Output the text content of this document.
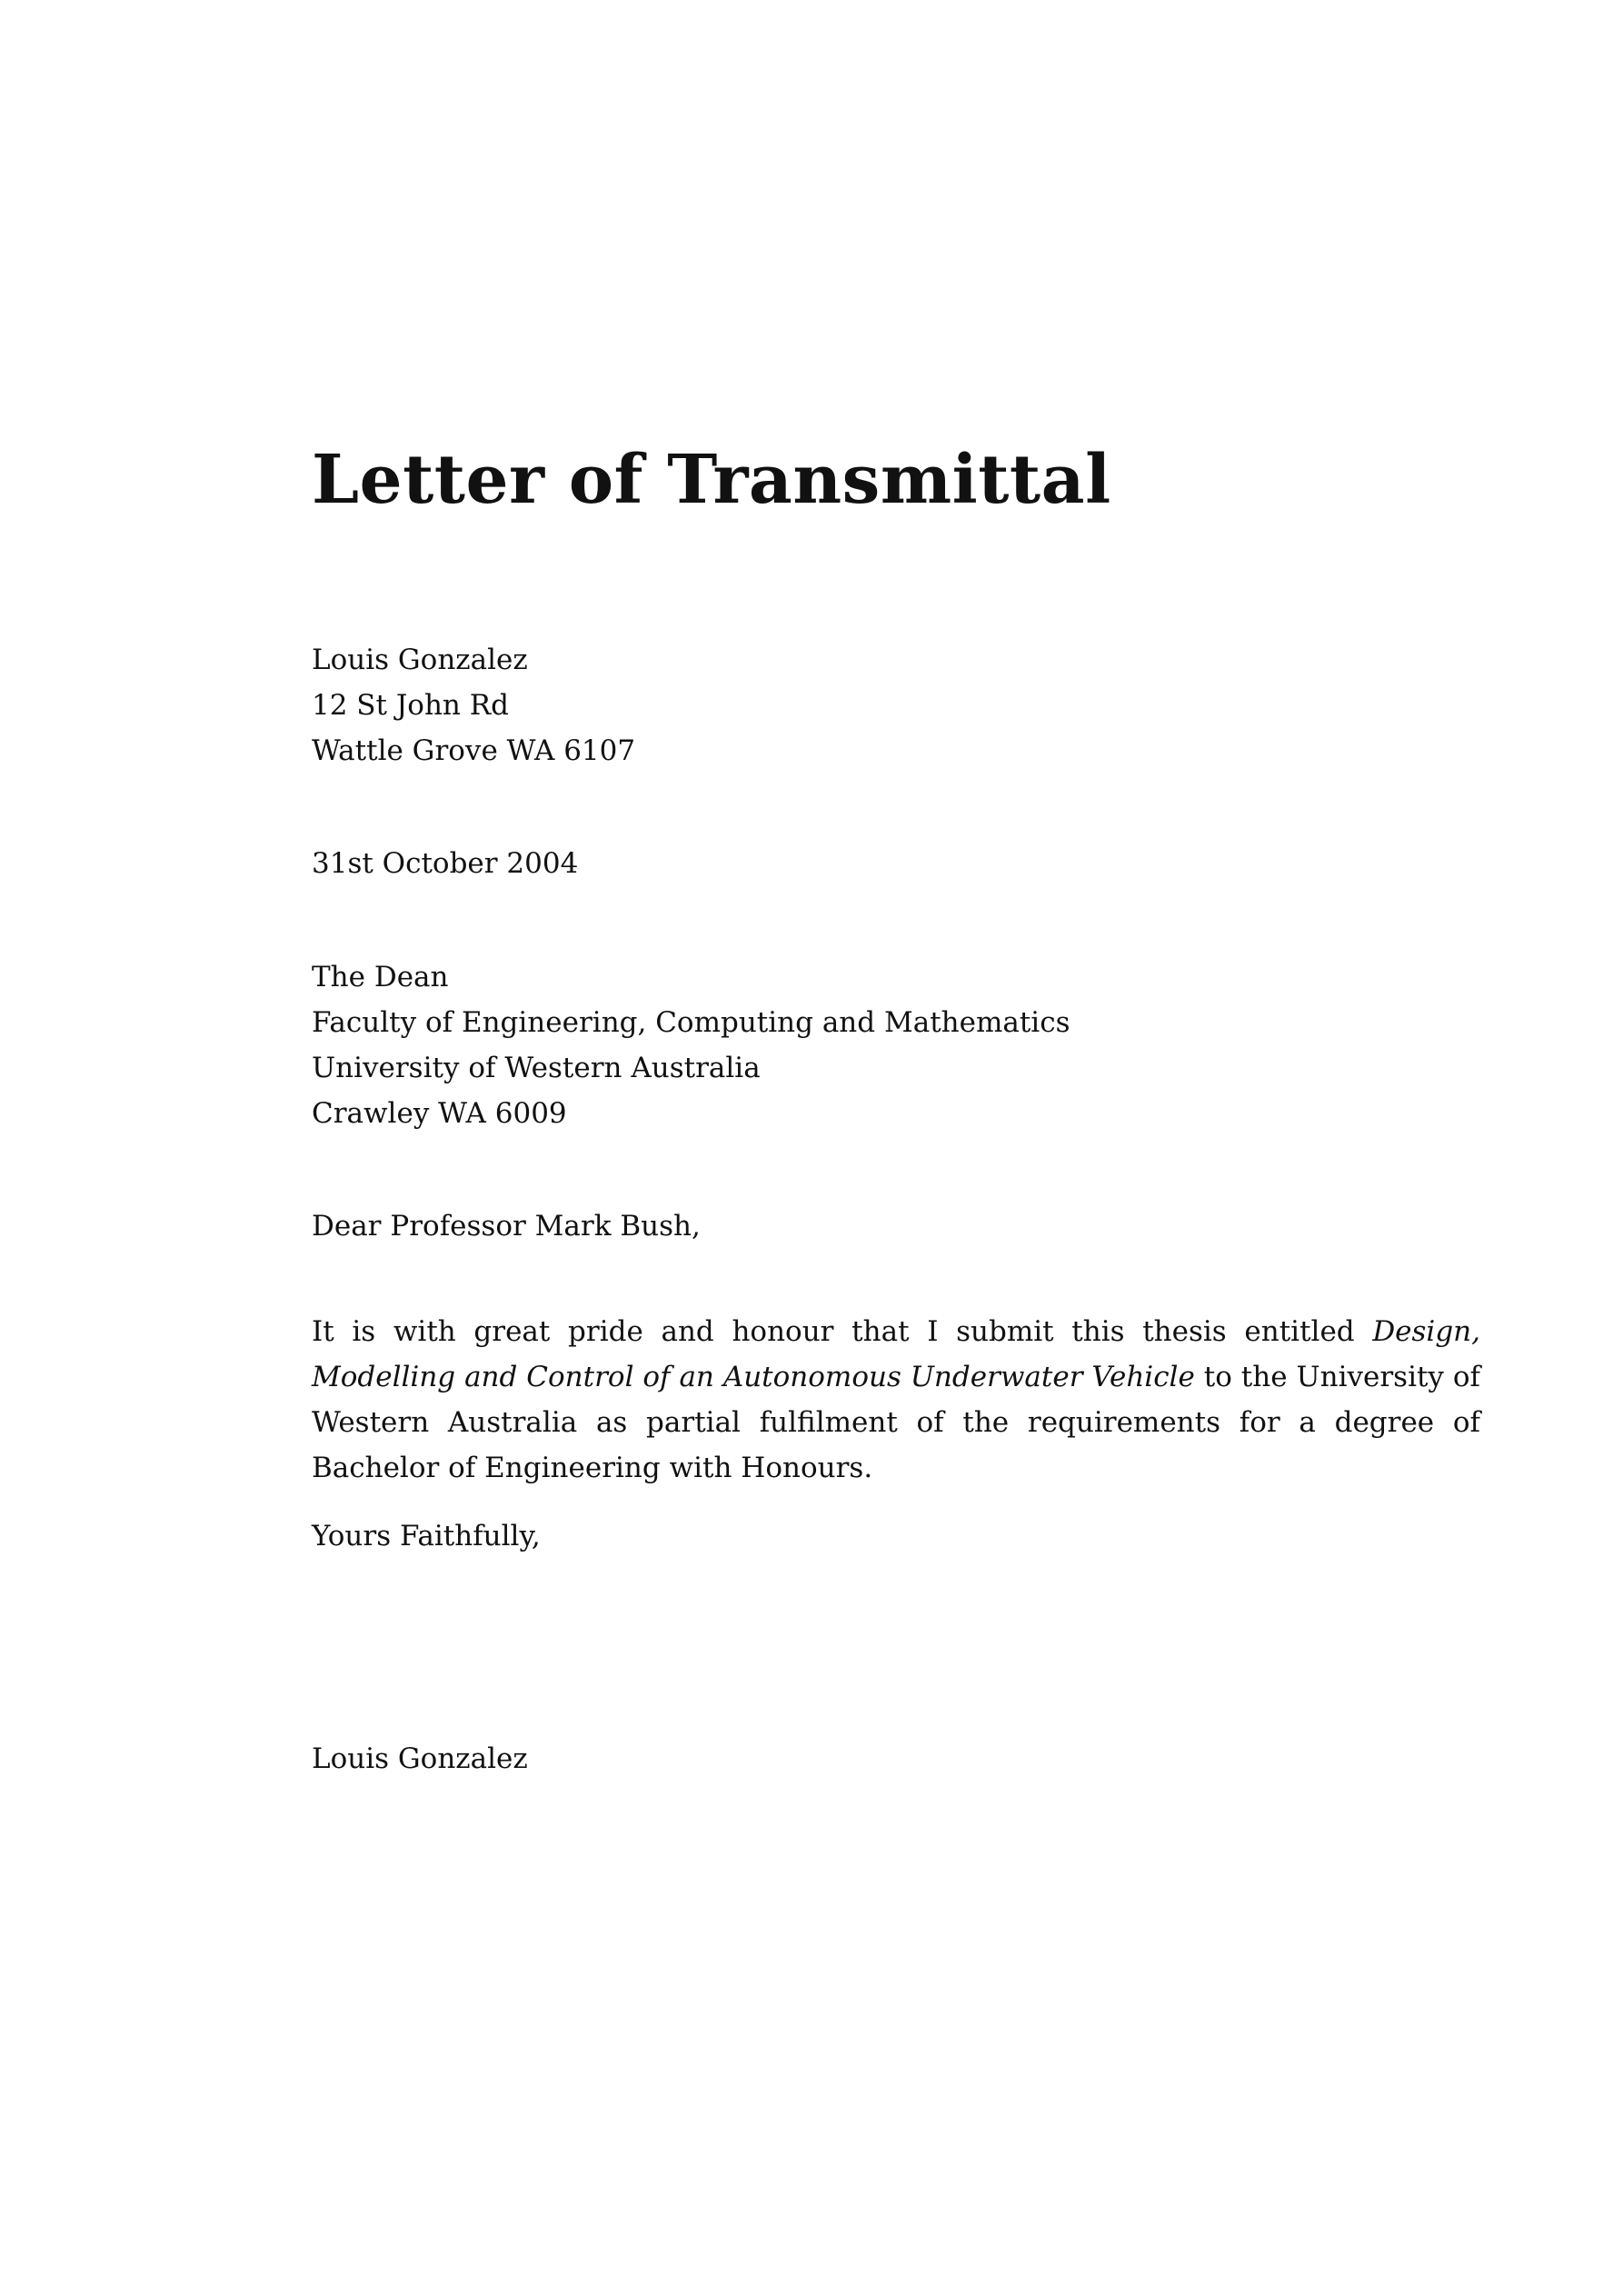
Letter of Transmittal
Louis Gonzalez
12 St John Rd
Wattle Grove WA 6107
31st October 2004
The Dean
Faculty of Engineering, Computing and Mathematics
University of Western Australia
Crawley WA 6009
Dear Professor Mark Bush,

It is with great pride and honour that I submit this thesis entitled Design, Modelling and Control of an Autonomous Underwater Vehicle to the University of Western Australia as partial fulfilment of the requirements for a degree of Bachelor of Engineering with Honours.

Yours Faithfully,
Louis Gonzalez
